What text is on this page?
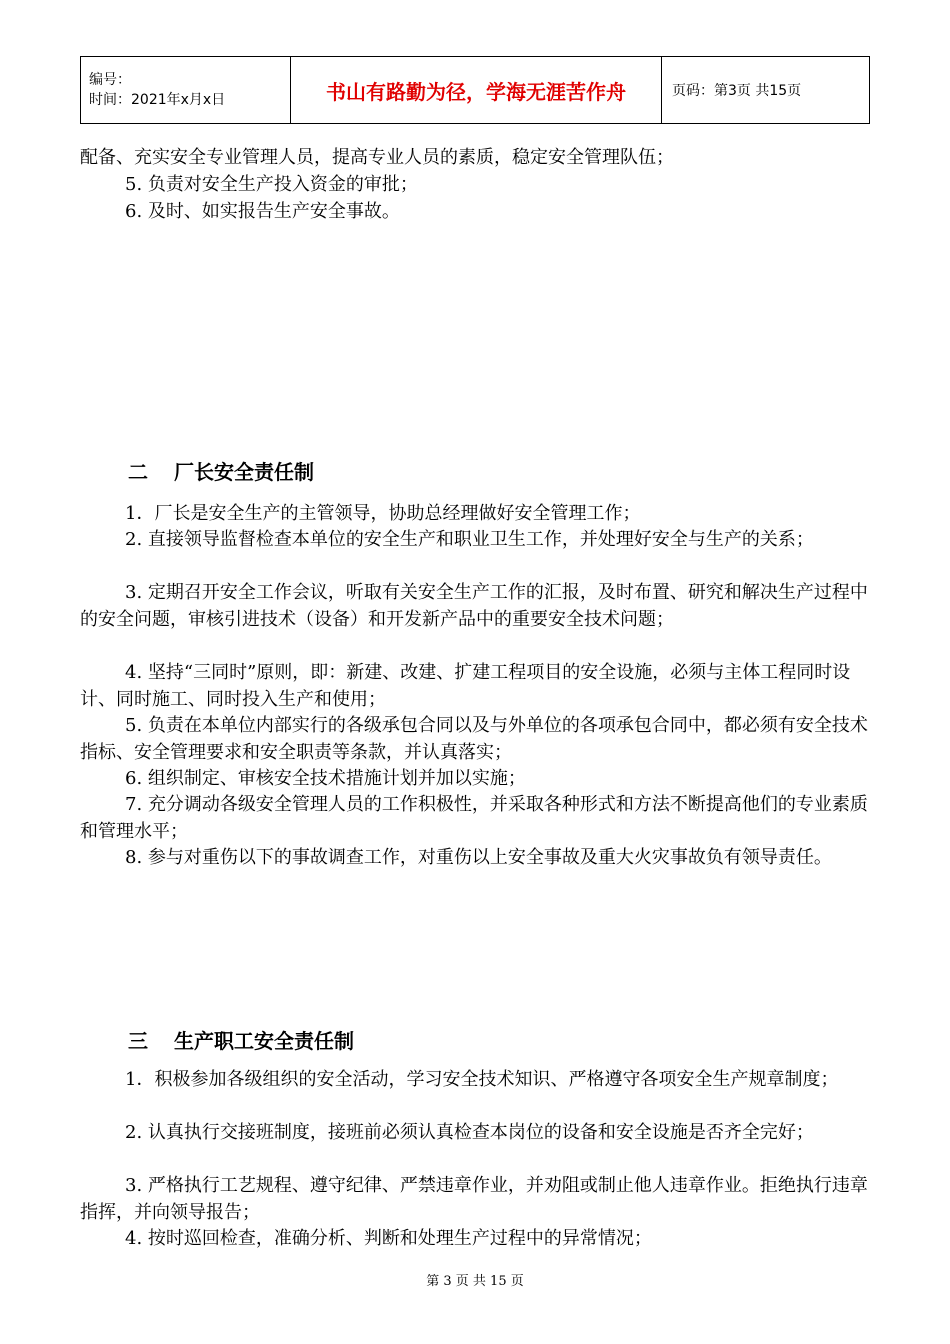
编号：
时间：2021年x月x日	书山有路勤为径，学海无涯苦作舟	页码：第3页 共15页

配备、充实安全专业管理人员，提高专业人员的素质，稳定安全管理队伍；

5. 负责对安全生产投入资金的审批；

6. 及时、如实报告生产安全事故。

二 厂长安全责任制

1．厂长是安全生产的主管领导，协助总经理做好安全管理工作；

2. 直接领导监督检查本单位的安全生产和职业卫生工作，并处理好安全与生产的关系；

3. 定期召开安全工作会议，听取有关安全生产工作的汇报，及时布置、研究和解决生产过程中的安全问题，审核引进技术（设备）和开发新产品中的重要安全技术问题；

4. 坚持“三同时”原则，即：新建、改建、扩建工程项目的安全设施，必须与主体工程同时设计、同时施工、同时投入生产和使用；

5. 负责在本单位内部实行的各级承包合同以及与外单位的各项承包合同中，都必须有安全技术指标、安全管理要求和安全职责等条款，并认真落实；

6. 组织制定、审核安全技术措施计划并加以实施；

7. 充分调动各级安全管理人员的工作积极性，并采取各种形式和方法不断提高他们的专业素质和管理水平；

8. 参与对重伤以下的事故调查工作，对重伤以上安全事故及重大火灾事故负有领导责任。

三 生产职工安全责任制

1．积极参加各级组织的安全活动，学习安全技术知识、严格遵守各项安全生产规章制度；

2. 认真执行交接班制度，接班前必须认真检查本岗位的设备和安全设施是否齐全完好；

3. 严格执行工艺规程、遵守纪律、严禁违章作业，并劝阻或制止他人违章作业。拒绝执行违章指挥，并向领导报告；

4. 按时巡回检查，准确分析、判断和处理生产过程中的异常情况；

第 3 页 共 15 页
